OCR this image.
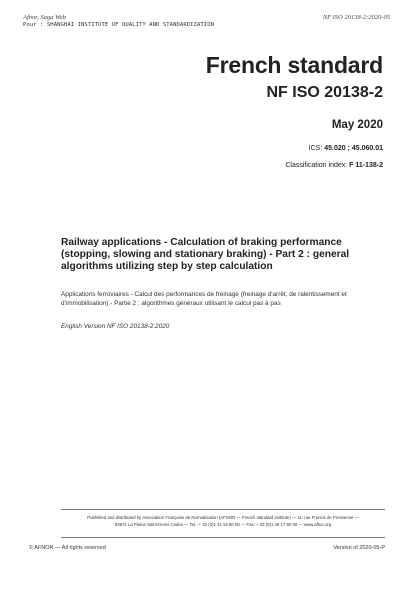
Afnor, Saga Web
Pour : SHANGHAI INSTITUTE OF QUALITY AND STANDARDIZATION
NF ISO 20138-2:2020-05
French standard
NF ISO 20138-2
May 2020
ICS: 45.020 ; 45.060.01
Classification index: F 11-138-2
Railway applications - Calculation of braking performance (stopping, slowing and stationary braking) - Part 2 : general algorithms utilizing step by step calculation
Applications ferroviaires - Calcul des performances de freinage (freinage d'arrêt, de ralentissement et d'immobilisation) - Partie 2 : algorithmes généraux utilisant le calcul pas à pas
English Version NF ISO 20138-2:2020
Published and distributed by Association Française de Normalisation (AFNOR — French standard institute) — 11, rue Francis de Pressensé —
93571 La Plaine Saint-Denis Cedex — Tel.: + 33 (0)1 41 62 80 00 — Fax: + 33 (0)1 49 17 90 00 — www.afnor.org
© AFNOR — All rights reserved	Version of 2020-05-P
